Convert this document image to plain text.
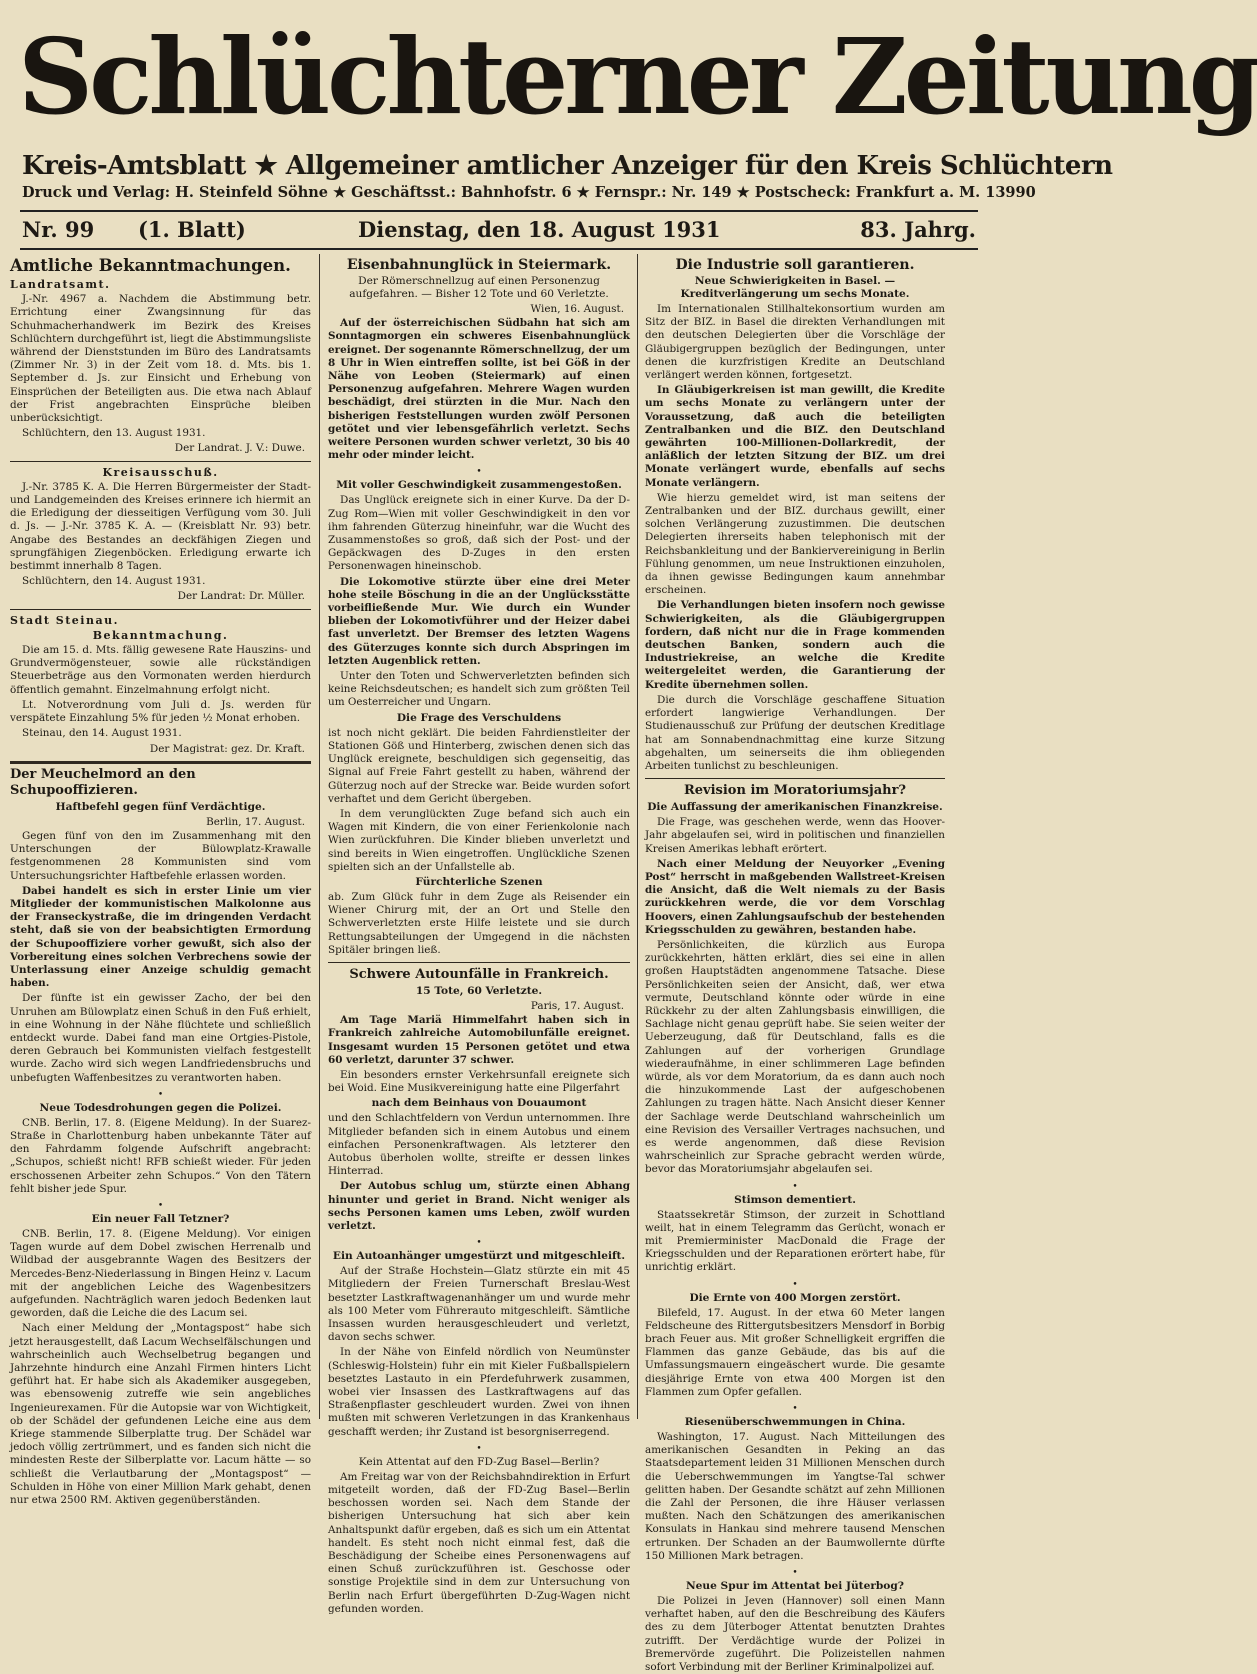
Schlüchterner Zeitung
Kreis-Amtsblatt ★ Allgemeiner amtlicher Anzeiger für den Kreis Schlüchtern
Druck und Verlag: H. Steinfeld Söhne ★ Geschäftsst.: Bahnhofstr. 6 ★ Fernspr.: Nr. 149 ★ Postscheck: Frankfurt a. M. 13990
Nr. 99 (1. Blatt)	Dienstag, den 18. August 1931	83. Jahrg.
Amtliche Bekanntmachungen.
Landratsamt.

J.-Nr. 4967 a. Nachdem die Abstimmung betr. Errichtung einer Zwangsinnung für das Schuhmacherhandwerk im Bezirk des Kreises Schlüchtern durchgeführt ist, liegt die Abstimmungsliste während der Dienststunden im Büro des Landratsamts (Zimmer Nr. 3) in der Zeit vom 18. d. Mts. bis 1. September d. Js. zur Einsicht und Erhebung von Einsprüchen der Beteiligten aus. Die etwa nach Ablauf der Frist angebrachten Einsprüche bleiben unberücksichtigt.

Schlüchtern, den 13. August 1931.

Der Landrat. J. V.: Duwe.
Kreisausschuß.

J.-Nr. 3785 K. A. Die Herren Bürgermeister der Stadt- und Landgemeinden des Kreises erinnere ich hiermit an die Erledigung der diesseitigen Verfügung vom 30. Juli d. Js. — J.-Nr. 3785 K. A. — (Kreisblatt Nr. 93) betr. Angabe des Bestandes an deckfähigen Ziegen und sprungfähigen Ziegenböcken. Erledigung erwarte ich bestimmt innerhalb 8 Tagen.

Schlüchtern, den 14. August 1931.

Der Landrat: Dr. Müller.
Stadt Steinau.
Bekanntmachung.

Die am 15. d. Mts. fällig gewesene Rate Hauszins- und Grundvermögensteuer, sowie alle rückständigen Steuerbeträge aus den Vormonaten werden hierdurch öffentlich gemahnt. Einzelmahnung erfolgt nicht.

Lt. Notverordnung vom Juli d. Js. werden für verspätete Einzahlung 5% für jeden ½ Monat erhoben.

Steinau, den 14. August 1931.

Der Magistrat: gez. Dr. Kraft.
Der Meuchelmord an den Schupooffizieren.
Haftbefehl gegen fünf Verdächtige.
Berlin, 17. August.

Gegen fünf von den im Zusammenhang mit den Unterschungen der Bülowplatz-Krawalle festgenommenen 28 Kommunisten sind vom Untersuchungsrichter Haftbefehle erlassen worden.

Dabei handelt es sich in erster Linie um vier Mitglieder der kommunistischen Malkolonne aus der Franseckystraße, die im dringenden Verdacht steht, daß sie von der beabsichtigten Ermordung der Schupooffiziere vorher gewußt, sich also der Vorbereitung eines solchen Verbrechens sowie der Unterlassung einer Anzeige schuldig gemacht haben.

Der fünfte ist ein gewisser Zacho, der bei den Unruhen am Bülowplatz einen Schuß in den Fuß erhielt, in eine Wohnung in der Nähe flüchtete und schließlich entdeckt wurde. Dabei fand man eine Ortgies-Pistole, deren Gebrauch bei Kommunisten vielfach festgestellt wurde. Zacho wird sich wegen Landfriedensbruchs und unbefugten Waffenbesitzes zu verantworten haben.

•
Neue Todesdrohungen gegen die Polizei.

CNB. Berlin, 17. 8. (Eigene Meldung). In der Suarez-Straße in Charlottenburg haben unbekannte Täter auf den Fahrdamm folgende Aufschrift angebracht: „Schupos, schießt nicht! RFB schießt wieder. Für jeden erschossenen Arbeiter zehn Schupos.“ Von den Tätern fehlt bisher jede Spur.

•
Ein neuer Fall Tetzner?

CNB. Berlin, 17. 8. (Eigene Meldung). Vor einigen Tagen wurde auf dem Dobel zwischen Herrenalb und Wildbad der ausgebrannte Wagen des Besitzers der Mercedes-Benz-Niederlassung in Bingen Heinz v. Lacum mit der angeblichen Leiche des Wagenbesitzers aufgefunden. Nachträglich waren jedoch Bedenken laut geworden, daß die Leiche die des Lacum sei.

Nach einer Meldung der „Montagspost“ habe sich jetzt herausgestellt, daß Lacum Wechselfälschungen und wahrscheinlich auch Wechselbetrug begangen und Jahrzehnte hindurch eine Anzahl Firmen hinters Licht geführt hat. Er habe sich als Akademiker ausgegeben, was ebensowenig zutreffe wie sein angebliches Ingenieurexamen. Für die Autopsie war von Wichtigkeit, ob der Schädel der gefundenen Leiche eine aus dem Kriege stammende Silberplatte trug. Der Schädel war jedoch völlig zertrümmert, und es fanden sich nicht die mindesten Reste der Silberplatte vor. Lacum hätte — so schließt die Verlautbarung der „Montagspost“ — Schulden in Höhe von einer Million Mark gehabt, denen nur etwa 2500 RM. Aktiven gegenüberständen.

Eisenbahnunglück in Steiermark.
Der Römerschnellzug auf einen Personenzug aufgefahren. — Bisher 12 Tote und 60 Verletzte.
Wien, 16. August.

Auf der österreichischen Südbahn hat sich am Sonntagmorgen ein schweres Eisenbahnunglück ereignet. Der sogenannte Römerschnellzug, der um 8 Uhr in Wien eintreffen sollte, ist bei Göß in der Nähe von Leoben (Steiermark) auf einen Personenzug aufgefahren. Mehrere Wagen wurden beschädigt, drei stürzten in die Mur. Nach den bisherigen Feststellungen wurden zwölf Personen getötet und vier lebensgefährlich verletzt. Sechs weitere Personen wurden schwer verletzt, 30 bis 40 mehr oder minder leicht.

•
Mit voller Geschwindigkeit zusammengestoßen.

Das Unglück ereignete sich in einer Kurve. Da der D-Zug Rom—Wien mit voller Geschwindigkeit in den vor ihm fahrenden Güterzug hineinfuhr, war die Wucht des Zusammenstoßes so groß, daß sich der Post- und der Gepäckwagen des D-Zuges in den ersten Personenwagen hineinschob.

Die Lokomotive stürzte über eine drei Meter hohe steile Böschung in die an der Unglücksstätte vorbeifließende Mur. Wie durch ein Wunder blieben der Lokomotivführer und der Heizer dabei fast unverletzt. Der Bremser des letzten Wagens des Güterzuges konnte sich durch Abspringen im letzten Augenblick retten.

Unter den Toten und Schwerverletzten befinden sich keine Reichsdeutschen; es handelt sich zum größten Teil um Oesterreicher und Ungarn.

Die Frage des Verschuldens

ist noch nicht geklärt. Die beiden Fahrdienstleiter der Stationen Göß und Hinterberg, zwischen denen sich das Unglück ereignete, beschuldigen sich gegenseitig, das Signal auf Freie Fahrt gestellt zu haben, während der Güterzug noch auf der Strecke war. Beide wurden sofort verhaftet und dem Gericht übergeben.

In dem verunglückten Zuge befand sich auch ein Wagen mit Kindern, die von einer Ferienkolonie nach Wien zurückfuhren. Die Kinder blieben unverletzt und sind bereits in Wien eingetroffen. Unglückliche Szenen spielten sich an der Unfallstelle ab.

Fürchterliche Szenen

ab. Zum Glück fuhr in dem Zuge als Reisender ein Wiener Chirurg mit, der an Ort und Stelle den Schwerverletzten erste Hilfe leistete und sie durch Rettungsabteilungen der Umgegend in die nächsten Spitäler bringen ließ.

Schwere Autounfälle in Frankreich.
15 Tote, 60 Verletzte.
Paris, 17. August.

Am Tage Mariä Himmelfahrt haben sich in Frankreich zahlreiche Automobilunfälle ereignet. Insgesamt wurden 15 Personen getötet und etwa 60 verletzt, darunter 37 schwer.

Ein besonders ernster Verkehrsunfall ereignete sich bei Woid. Eine Musikvereinigung hatte eine Pilgerfahrt

nach dem Beinhaus von Douaumont

und den Schlachtfeldern von Verdun unternommen. Ihre Mitglieder befanden sich in einem Autobus und einem einfachen Personenkraftwagen. Als letzterer den Autobus überholen wollte, streifte er dessen linkes Hinterrad.

Der Autobus schlug um, stürzte einen Abhang hinunter und geriet in Brand. Nicht weniger als sechs Personen kamen ums Leben, zwölf wurden verletzt.

•
Ein Autoanhänger umgestürzt und mitgeschleift.

Auf der Straße Hochstein—Glatz stürzte ein mit 45 Mitgliedern der Freien Turnerschaft Breslau-West besetzter Lastkraftwagenanhänger um und wurde mehr als 100 Meter vom Führerauto mitgeschleift. Sämtliche Insassen wurden herausgeschleudert und verletzt, davon sechs schwer.

In der Nähe von Einfeld nördlich von Neumünster (Schleswig-Holstein) fuhr ein mit Kieler Fußballspielern besetztes Lastauto in ein Pferdefuhrwerk zusammen, wobei vier Insassen des Lastkraftwagens auf das Straßenpflaster geschleudert wurden. Zwei von ihnen mußten mit schweren Verletzungen in das Krankenhaus geschafft werden; ihr Zustand ist besorgniserregend.

•
Kein Attentat auf den FD-Zug Basel—Berlin?

Am Freitag war von der Reichsbahndirektion in Erfurt mitgeteilt worden, daß der FD-Zug Basel—Berlin beschossen worden sei. Nach dem Stande der bisherigen Untersuchung hat sich aber kein Anhaltspunkt dafür ergeben, daß es sich um ein Attentat handelt. Es steht noch nicht einmal fest, daß die Beschädigung der Scheibe eines Personenwagens auf einen Schuß zurückzuführen ist. Geschosse oder sonstige Projektile sind in dem zur Untersuchung von Berlin nach Erfurt übergeführten D-Zug-Wagen nicht gefunden worden.

Die Industrie soll garantieren.
Neue Schwierigkeiten in Basel. — Kreditverlängerung um sechs Monate.

Im Internationalen Stillhaltekonsortium wurden am Sitz der BIZ. in Basel die direkten Verhandlungen mit den deutschen Delegierten über die Vorschläge der Gläubigergruppen bezüglich der Bedingungen, unter denen die kurzfristigen Kredite an Deutschland verlängert werden können, fortgesetzt.

In Gläubigerkreisen ist man gewillt, die Kredite um sechs Monate zu verlängern unter der Voraussetzung, daß auch die beteiligten Zentralbanken und die BIZ. den Deutschland gewährten 100-Millionen-Dollarkredit, der anläßlich der letzten Sitzung der BIZ. um drei Monate verlängert wurde, ebenfalls auf sechs Monate verlängern.

Wie hierzu gemeldet wird, ist man seitens der Zentralbanken und der BIZ. durchaus gewillt, einer solchen Verlängerung zuzustimmen. Die deutschen Delegierten ihrerseits haben telephonisch mit der Reichsbankleitung und der Bankiervereinigung in Berlin Fühlung genommen, um neue Instruktionen einzuholen, da ihnen gewisse Bedingungen kaum annehmbar erscheinen.

Die Verhandlungen bieten insofern noch gewisse Schwierigkeiten, als die Gläubigergruppen fordern, daß nicht nur die in Frage kommenden deutschen Banken, sondern auch die Industriekreise, an welche die Kredite weitergeleitet werden, die Garantierung der Kredite übernehmen sollen.

Die durch die Vorschläge geschaffene Situation erfordert langwierige Verhandlungen. Der Studienausschuß zur Prüfung der deutschen Kreditlage hat am Sonnabendnachmittag eine kurze Sitzung abgehalten, um seinerseits die ihm obliegenden Arbeiten tunlichst zu beschleunigen.

Revision im Moratoriumsjahr?
Die Auffassung der amerikanischen Finanzkreise.

Die Frage, was geschehen werde, wenn das Hoover-Jahr abgelaufen sei, wird in politischen und finanziellen Kreisen Amerikas lebhaft erörtert.

Nach einer Meldung der Neuyorker „Evening Post“ herrscht in maßgebenden Wallstreet-Kreisen die Ansicht, daß die Welt niemals zu der Basis zurückkehren werde, die vor dem Vorschlag Hoovers, einen Zahlungsaufschub der bestehenden Kriegsschulden zu gewähren, bestanden habe.

Persönlichkeiten, die kürzlich aus Europa zurückkehrten, hätten erklärt, dies sei eine in allen großen Hauptstädten angenommene Tatsache. Diese Persönlichkeiten seien der Ansicht, daß, wer etwa vermute, Deutschland könnte oder würde in eine Rückkehr zu der alten Zahlungsbasis einwilligen, die Sachlage nicht genau geprüft habe. Sie seien weiter der Ueberzeugung, daß für Deutschland, falls es die Zahlungen auf der vorherigen Grundlage wiederaufnähme, in einer schlimmeren Lage befinden würde, als vor dem Moratorium, da es dann auch noch die hinzukommende Last der aufgeschobenen Zahlungen zu tragen hätte. Nach Ansicht dieser Kenner der Sachlage werde Deutschland wahrscheinlich um eine Revision des Versailler Vertrages nachsuchen, und es werde angenommen, daß diese Revision wahrscheinlich zur Sprache gebracht werden würde, bevor das Moratoriumsjahr abgelaufen sei.

•
Stimson dementiert.

Staatssekretär Stimson, der zurzeit in Schottland weilt, hat in einem Telegramm das Gerücht, wonach er mit Premierminister MacDonald die Frage der Kriegsschulden und der Reparationen erörtert habe, für unrichtig erklärt.

•
Die Ernte von 400 Morgen zerstört.

Bilefeld, 17. August. In der etwa 60 Meter langen Feldscheune des Rittergutsbesitzers Mensdorf in Borbig brach Feuer aus. Mit großer Schnelligkeit ergriffen die Flammen das ganze Gebäude, das bis auf die Umfassungsmauern eingeäschert wurde. Die gesamte diesjährige Ernte von etwa 400 Morgen ist den Flammen zum Opfer gefallen.

•
Riesenüberschwemmungen in China.

Washington, 17. August. Nach Mitteilungen des amerikanischen Gesandten in Peking an das Staatsdepartement leiden 31 Millionen Menschen durch die Ueberschwemmungen im Yangtse-Tal schwer gelitten haben. Der Gesandte schätzt auf zehn Millionen die Zahl der Personen, die ihre Häuser verlassen mußten. Nach den Schätzungen des amerikanischen Konsulats in Hankau sind mehrere tausend Menschen ertrunken. Der Schaden an der Baumwollernte dürfte 150 Millionen Mark betragen.

•
Neue Spur im Attentat bei Jüterbog?

Die Polizei in Jeven (Hannover) soll einen Mann verhaftet haben, auf den die Beschreibung des Käufers des zu dem Jüterboger Attentat benutzten Drahtes zutrifft. Der Verdächtige wurde der Polizei in Bremervörde zugeführt. Die Polizeistellen nahmen sofort Verbindung mit der Berliner Kriminalpolizei auf.
